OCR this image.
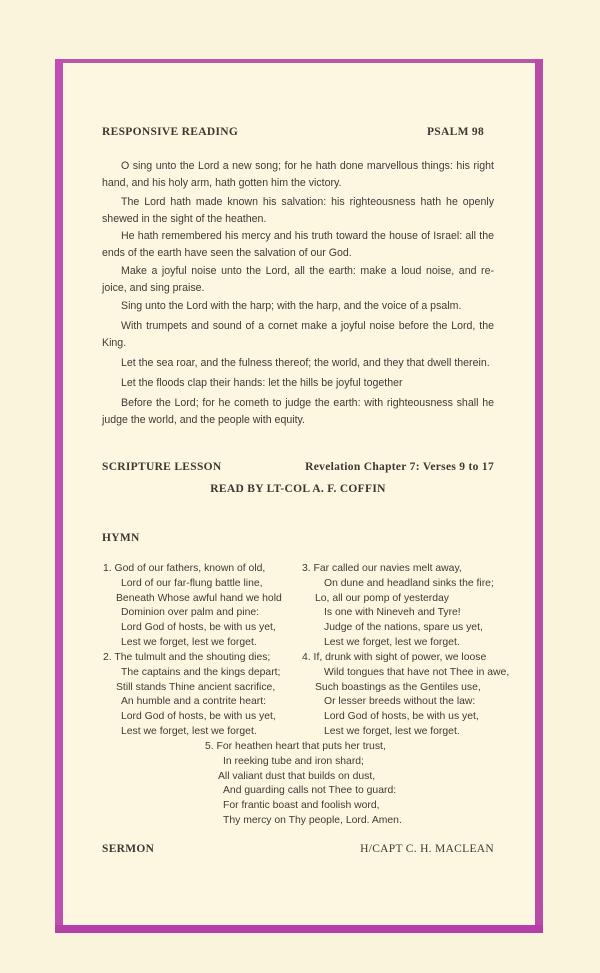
RESPONSIVE READING	PSALM 98

O sing unto the Lord a new song; for he hath done marvellous things: his right hand, and his holy arm, hath gotten him the victory.

The Lord hath made known his salvation: his righteousness hath he openly shewed in the sight of the heathen.

He hath remembered his mercy and his truth toward the house of Israel: all the ends of the earth have seen the salvation of our God.

Make a joyful noise unto the Lord, all the earth: make a loud noise, and re-joice, and sing praise.

Sing unto the Lord with the harp; with the harp, and the voice of a psalm.

With trumpets and sound of a cornet make a joyful noise before the Lord, the King.

Let the sea roar, and the fulness thereof; the world, and they that dwell therein.

Let the floods clap their hands: let the hills be joyful together

Before the Lord; for he cometh to judge the earth: with righteousness shall he judge the world, and the people with equity.

SCRIPTURE LESSON	Revelation Chapter 7: Verses 9 to 17
READ BY LT-COL A. F. COFFIN
HYMN
1. God of our fathers, known of old,
Lord of our far-flung battle line,
Beneath Whose awful hand we hold
Dominion over palm and pine:
Lord God of hosts, be with us yet,
Lest we forget, lest we forget.
2. The tulmult and the shouting dies;
The captains and the kings depart;
Still stands Thine ancient sacrifice,
An humble and a contrite heart:
Lord God of hosts, be with us yet,
Lest we forget, lest we forget.
3. Far called our navies melt away,
On dune and headland sinks the fire;
Lo, all our pomp of yesterday
Is one with Nineveh and Tyre!
Judge of the nations, spare us yet,
Lest we forget, lest we forget.
4. If, drunk with sight of power, we loose
Wild tongues that have not Thee in awe,
Such boastings as the Gentiles use,
Or lesser breeds without the law:
Lord God of hosts, be with us yet,
Lest we forget, lest we forget.
5. For heathen heart that puts her trust,
In reeking tube and iron shard;
All valiant dust that builds on dust,
And guarding calls not Thee to guard:
For frantic boast and foolish word,
Thy mercy on Thy people, Lord. Amen.
SERMON	H/CAPT C. H. MACLEAN
